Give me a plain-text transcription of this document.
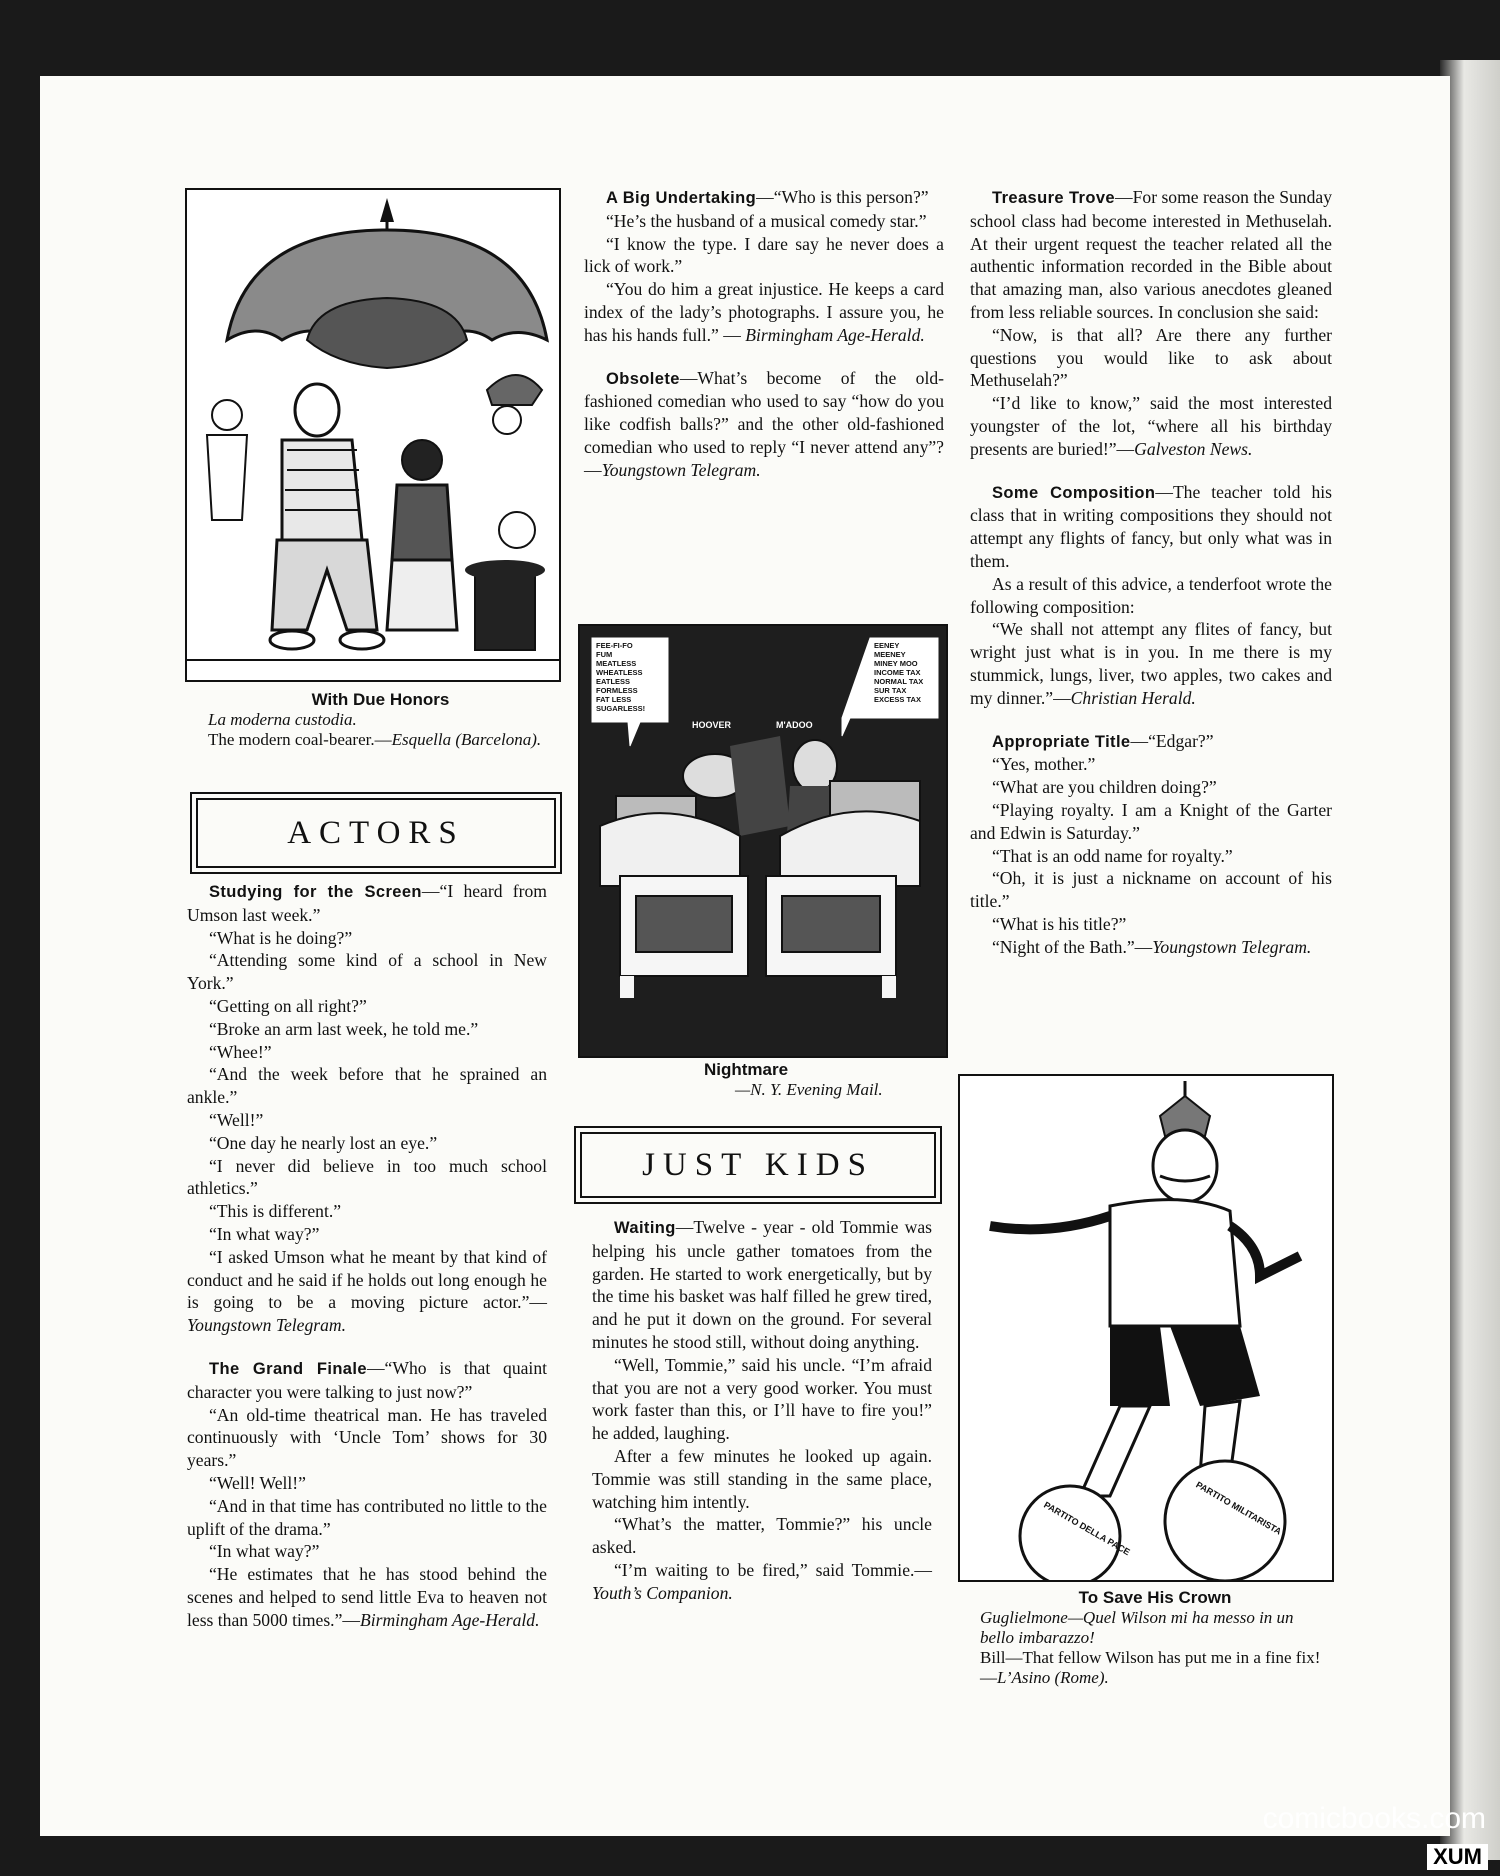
With Due Honors
La moderna custodia.
The modern coal-bearer.—Esquella (Barcelona).
ACTORS

Studying for the Screen—“I heard from Umson last week.”

“What is he doing?”

“Attending some kind of a school in New York.”

“Getting on all right?”

“Broke an arm last week, he told me.”

“Whee!”

“And the week before that he sprained an ankle.”

“Well!”

“One day he nearly lost an eye.”

“I never did believe in too much school athletics.”

“This is different.”

“In what way?”

“I asked Umson what he meant by that kind of conduct and he said if he holds out long enough he is going to be a moving picture actor.”—Youngstown Telegram.

The Grand Finale—“Who is that quaint character you were talking to just now?”

“An old-time theatrical man. He has traveled continuously with ‘Uncle Tom’ shows for 30 years.”

“Well! Well!”

“And in that time has contributed no little to the uplift of the drama.”

“In what way?”

“He estimates that he has stood behind the scenes and helped to send little Eva to heaven not less than 5000 times.”—Birmingham Age-Herald.

A Big Undertaking—“Who is this person?”

“He’s the husband of a musical comedy star.”

“I know the type. I dare say he never does a lick of work.”

“You do him a great injustice. He keeps a card index of the lady’s photographs. I assure you, he has his hands full.” — Birmingham Age-Herald.

Obsolete—What’s become of the old-fashioned comedian who used to say “how do you like codfish balls?” and the other old-fashioned comedian who used to reply “I never attend any”?—Youngstown Telegram.

FEE-FI-FO
FUM
MEATLESS
WHEATLESS
EATLESS
FORMLESS
FAT LESS
SUGARLESS!
EENEY
MEENEY
MINEY MOO
INCOME TAX
NORMAL TAX
SUR TAX
EXCESS TAX
HOOVER	M'ADOO
Nightmare
—N. Y. Evening Mail.
JUST KIDS

Waiting—Twelve - year - old Tommie was helping his uncle gather tomatoes from the garden. He started to work energetically, but by the time his basket was half filled he grew tired, and he put it down on the ground. For several minutes he stood still, without doing anything.

“Well, Tommie,” said his uncle. “I’m afraid that you are not a very good worker. You must work faster than this, or I’ll have to fire you!” he added, laughing.

After a few minutes he looked up again. Tommie was still standing in the same place, watching him intently.

“What’s the matter, Tommie?” his uncle asked.

“I’m waiting to be fired,” said Tommie.—Youth’s Companion.

Treasure Trove—For some reason the Sunday school class had become interested in Methuselah. At their urgent request the teacher related all the authentic information recorded in the Bible about that amazing man, also various anecdotes gleaned from less reliable sources. In conclusion she said:

“Now, is that all? Are there any further questions you would like to ask about Methuselah?”

“I’d like to know,” said the most interested youngster of the lot, “where all his birthday presents are buried!”—Galveston News.

Some Composition—The teacher told his class that in writing compositions they should not attempt any flights of fancy, but only what was in them.

As a result of this advice, a tenderfoot wrote the following composition:

“We shall not attempt any flites of fancy, but wright just what is in you. In me there is my stummick, lungs, liver, two apples, two cakes and my dinner.”—Christian Herald.

Appropriate Title—“Edgar?”

“Yes, mother.”

“What are you children doing?”

“Playing royalty. I am a Knight of the Garter and Edwin is Saturday.”

“That is an odd name for royalty.”

“Oh, it is just a nickname on account of his title.”

“What is his title?”

“Night of the Bath.”—Youngstown Telegram.

PARTITO DELLA PACE	PARTITO MILITARISTA
To Save His Crown
Guglielmone—Quel Wilson mi ha messo in un bello imbarazzo!
Bill—That fellow Wilson has put me in a fine fix!—L’Asino (Rome).
comicbooks.com
XUM
